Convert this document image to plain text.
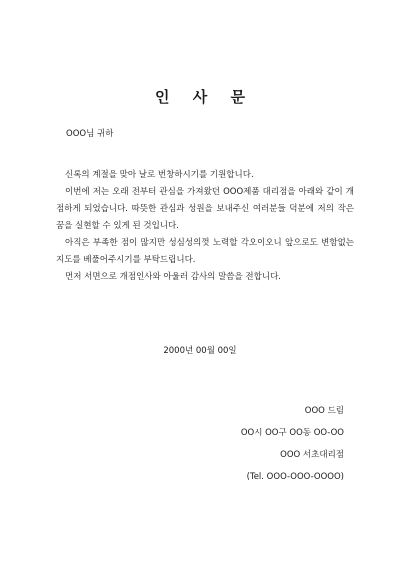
인 사 문
OOO님 귀하

신록의 계절을 맞아 날로 번창하시기를 기원합니다.

이번에 저는 오래 전부터 관심을 가져왔던 OOO제품 대리점을 아래와 같이 개점하게 되었습니다. 따뜻한 관심과 성원을 보내주신 여러분들 덕분에 저의 작은 꿈을 실현할 수 있게 된 것입니다.

아직은 부족한 점이 많지만 성심성의껏 노력할 각오이오니 앞으로도 변함없는 지도를 베풀어주시기를 부탁드립니다.

먼저 서면으로 개점인사와 아울러 감사의 말씀을 전합니다.

2000년 00월 00일
OOO 드림
OO시 OO구 OO동 OO-OO
OOO 서초대리점
(Tel. OOO-OOO-OOOO)
